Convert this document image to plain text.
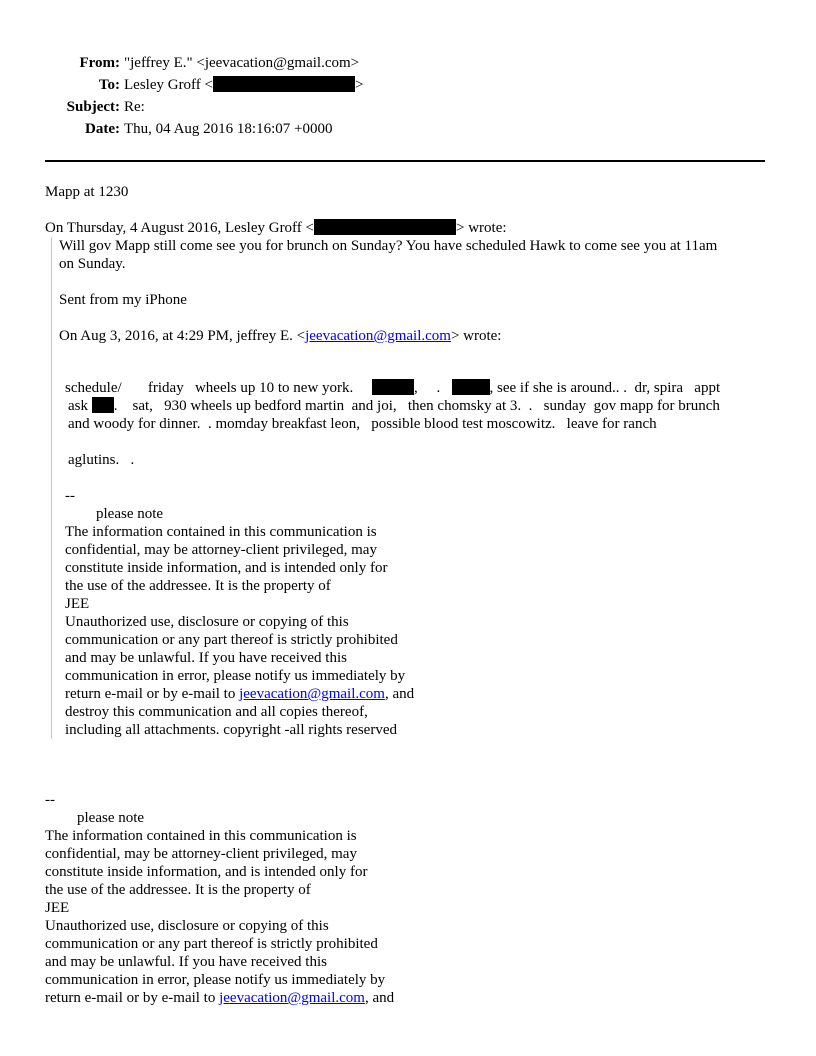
From: "jeffrey E." <jeevacation@gmail.com>
To: Lesley Groff <	>
Subject: Re:
Date: Thu, 04 Aug 2016 18:16:07 +0000
Mapp at 1230
On Thursday, 4 August 2016, Lesley Groff <	> wrote:
Will gov Mapp still come see you for brunch on Sunday? You have scheduled Hawk to come see you at 11am
on Sunday.
Sent from my iPhone
On Aug 3, 2016, at 4:29 PM, jeffrey E. <jeevacation@gmail.com> wrote:
schedule/       friday   wheels up 10 to new york.	,     .	, see if she is around.. .  dr, spira   appt
ask .    sat,   930 wheels up bedford martin  and joi,   then chomsky at 3.  .   sunday  gov mapp for brunch
and woody for dinner.  . momday breakfast leon,   possible blood test moscowitz.   leave for ranch
aglutins.   .
--
please note
The information contained in this communication is
confidential, may be attorney-client privileged, may
constitute inside information, and is intended only for
the use of the addressee. It is the property of
JEE
Unauthorized use, disclosure or copying of this
communication or any part thereof is strictly prohibited
and may be unlawful. If you have received this
communication in error, please notify us immediately by
return e-mail or by e-mail to jeevacation@gmail.com, and
destroy this communication and all copies thereof,
including all attachments. copyright -all rights reserved
--
please note
The information contained in this communication is
confidential, may be attorney-client privileged, may
constitute inside information, and is intended only for
the use of the addressee. It is the property of
JEE
Unauthorized use, disclosure or copying of this
communication or any part thereof is strictly prohibited
and may be unlawful. If you have received this
communication in error, please notify us immediately by
return e-mail or by e-mail to jeevacation@gmail.com, and
